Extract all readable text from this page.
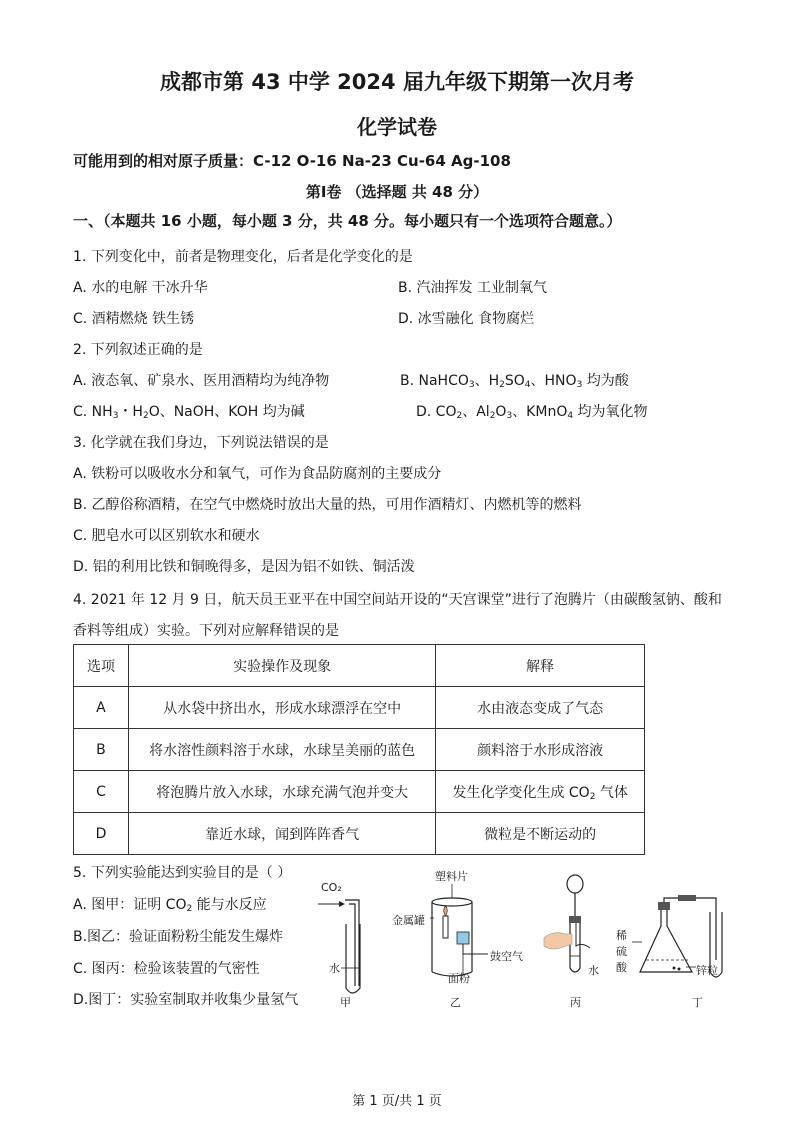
成都市第 43 中学 2024 届九年级下期第一次月考
化学试卷
可能用到的相对原子质量：C-12 O-16 Na-23 Cu-64 Ag-108
第Ⅰ卷 （选择题 共 48 分）
一、（本题共 16 小题，每小题 3 分，共 48 分。每小题只有一个选项符合题意。）
1. 下列变化中，前者是物理变化，后者是化学变化的是
A. 水的电解 干冰升华	B. 汽油挥发 工业制氧气
C. 酒精燃烧 铁生锈	D. 冰雪融化 食物腐烂
2. 下列叙述正确的是
A. 液态氧、矿泉水、医用酒精均为纯净物	B. NaHCO$_3$、$H_2SO_4$、$HNO_3$ 均为酸
C. $NH_3$・$H_2O$、NaOH、KOH 均为碱	D. $CO_2$、$Al_2O_3$、KMnO$_4$ 均为氧化物
3. 化学就在我们身边，下列说法错误的是
A. 铁粉可以吸收水分和氧气，可作为食品防腐剂的主要成分
B. 乙醇俗称酒精，在空气中燃烧时放出大量的热，可用作酒精灯、内燃机等的燃料
C. 肥皂水可以区别软水和硬水
D. 铝的利用比铁和铜晚得多，是因为铝不如铁、铜活泼
4. 2021 年 12 月 9 日，航天员王亚平在中国空间站开设的“天宫课堂”进行了泡腾片（由碳酸氢钠、酸和
香料等组成）实验。下列对应解释错误的是
选项	实验操作及现象	解释
A	从水袋中挤出水，形成水球漂浮在空中	水由液态变成了气态
B	将水溶性颜料溶于水球，水球呈美丽的蓝色	颜料溶于水形成溶液
C	将泡腾片放入水球，水球充满气泡并变大	发生化学变化生成 $CO_2$ 气体
D	靠近水球，闻到阵阵香气	微粒是不断运动的
5. 下列实验能达到实验目的是（ ）
A. 图甲：证明 $CO_2$ 能与水反应
B.图乙：验证面粉粉尘能发生爆炸
C. 图丙：检验该装置的气密性
D.图丁：实验室制取并收集少量氢气
CO₂
水
甲
塑料片
金属罐
鼓空气
面粉
乙
水
丙
稀
硫
酸	锌粒
丁
第 1 页/共 1 页
